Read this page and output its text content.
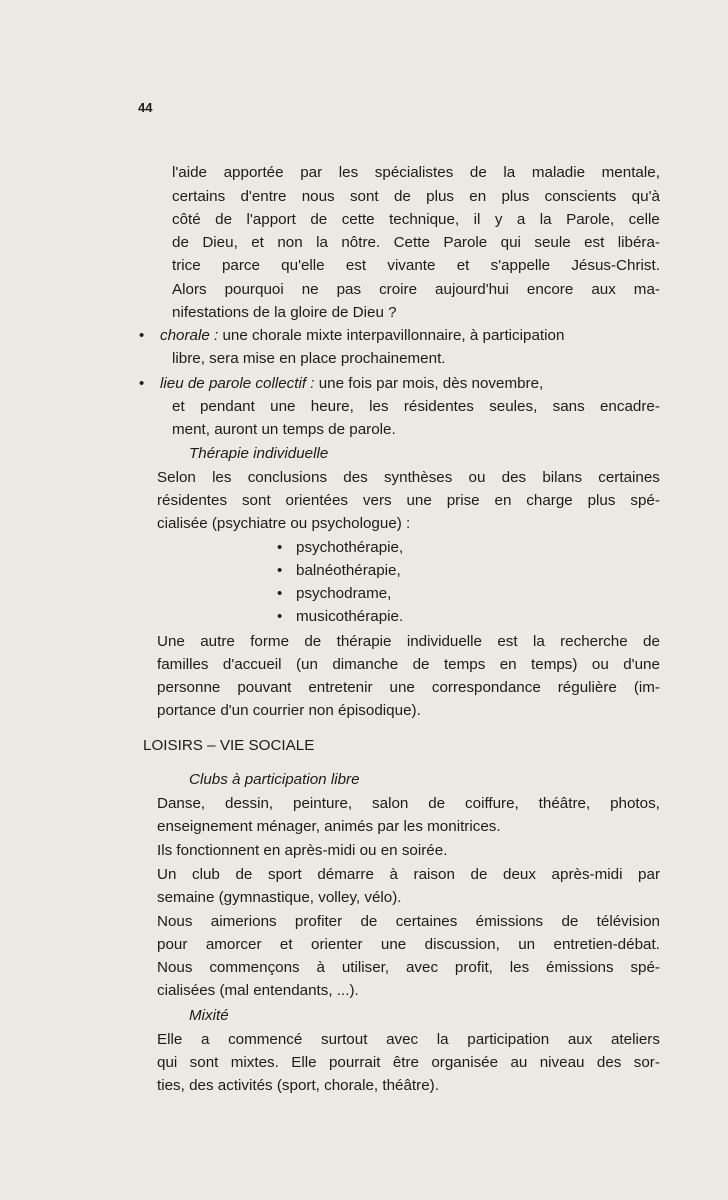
44
l'aide apportée par les spécialistes de la maladie mentale,
certains d'entre nous sont de plus en plus conscients qu'à
côté de l'apport de cette technique, il y a la Parole, celle
de Dieu, et non la nôtre. Cette Parole qui seule est libéra-
trice parce qu'elle est vivante et s'appelle Jésus-Christ.
Alors pourquoi ne pas croire aujourd'hui encore aux ma-
nifestations de la gloire de Dieu ?
• chorale : une chorale mixte interpavillonnaire, à participation
libre, sera mise en place prochainement.
• lieu de parole collectif : une fois par mois, dès novembre,
et pendant une heure, les résidentes seules, sans encadre-
ment, auront un temps de parole.
Thérapie individuelle
Selon les conclusions des synthèses ou des bilans certaines
résidentes sont orientées vers une prise en charge plus spé-
cialisée (psychiatre ou psychologue) :
• psychothérapie,
• balnéothérapie,
• psychodrame,
• musicothérapie.
Une autre forme de thérapie individuelle est la recherche de
familles d'accueil (un dimanche de temps en temps) ou d'une
personne pouvant entretenir une correspondance régulière (im-
portance d'un courrier non épisodique).
LOISIRS – VIE SOCIALE
Clubs à participation libre
Danse, dessin, peinture, salon de coiffure, théâtre, photos,
enseignement ménager, animés par les monitrices.
Ils fonctionnent en après-midi ou en soirée.
Un club de sport démarre à raison de deux après-midi par
semaine (gymnastique, volley, vélo).
Nous aimerions profiter de certaines émissions de télévision
pour amorcer et orienter une discussion, un entretien-débat.
Nous commençons à utiliser, avec profit, les émissions spé-
cialisées (mal entendants, ...).
Mixité
Elle a commencé surtout avec la participation aux ateliers
qui sont mixtes. Elle pourrait être organisée au niveau des sor-
ties, des activités (sport, chorale, théâtre).
